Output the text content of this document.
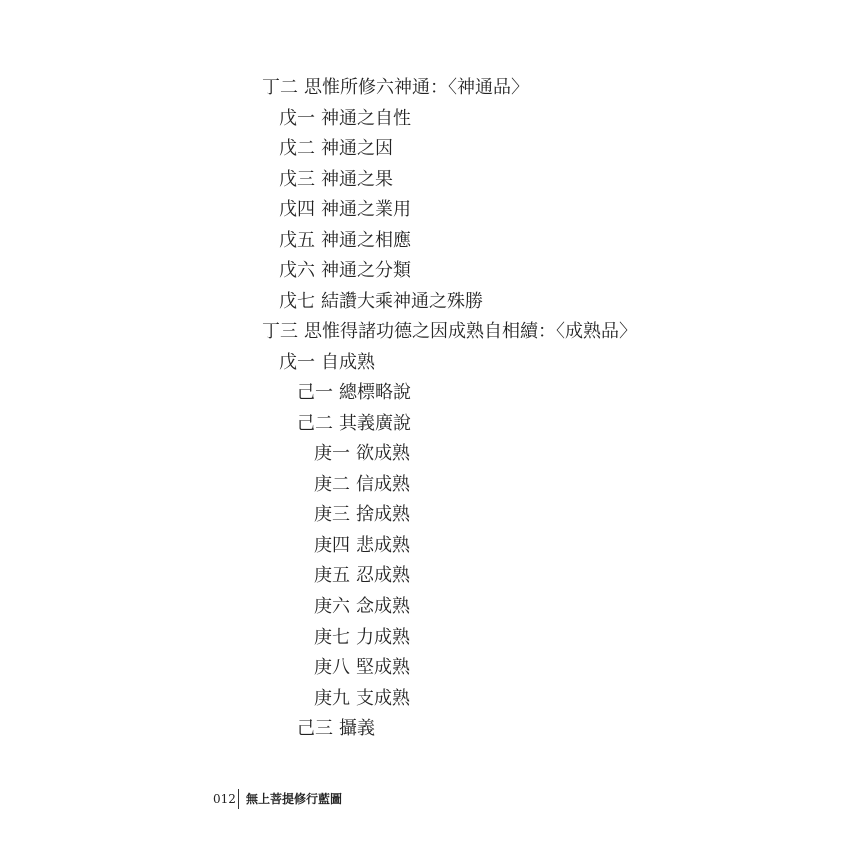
丁二 思惟所修六神通：〈神通品〉
戊一 神通之自性
戊二 神通之因
戊三 神通之果
戊四 神通之業用
戊五 神通之相應
戊六 神通之分類
戊七 結讚大乘神通之殊勝
丁三 思惟得諸功德之因成熟自相續：〈成熟品〉
戊一 自成熟
己一 總標略說
己二 其義廣說
庚一 欲成熟
庚二 信成熟
庚三 捨成熟
庚四 悲成熟
庚五 忍成熟
庚六 念成熟
庚七 力成熟
庚八 堅成熟
庚九 支成熟
己三 攝義
012 無上菩提修行藍圖
